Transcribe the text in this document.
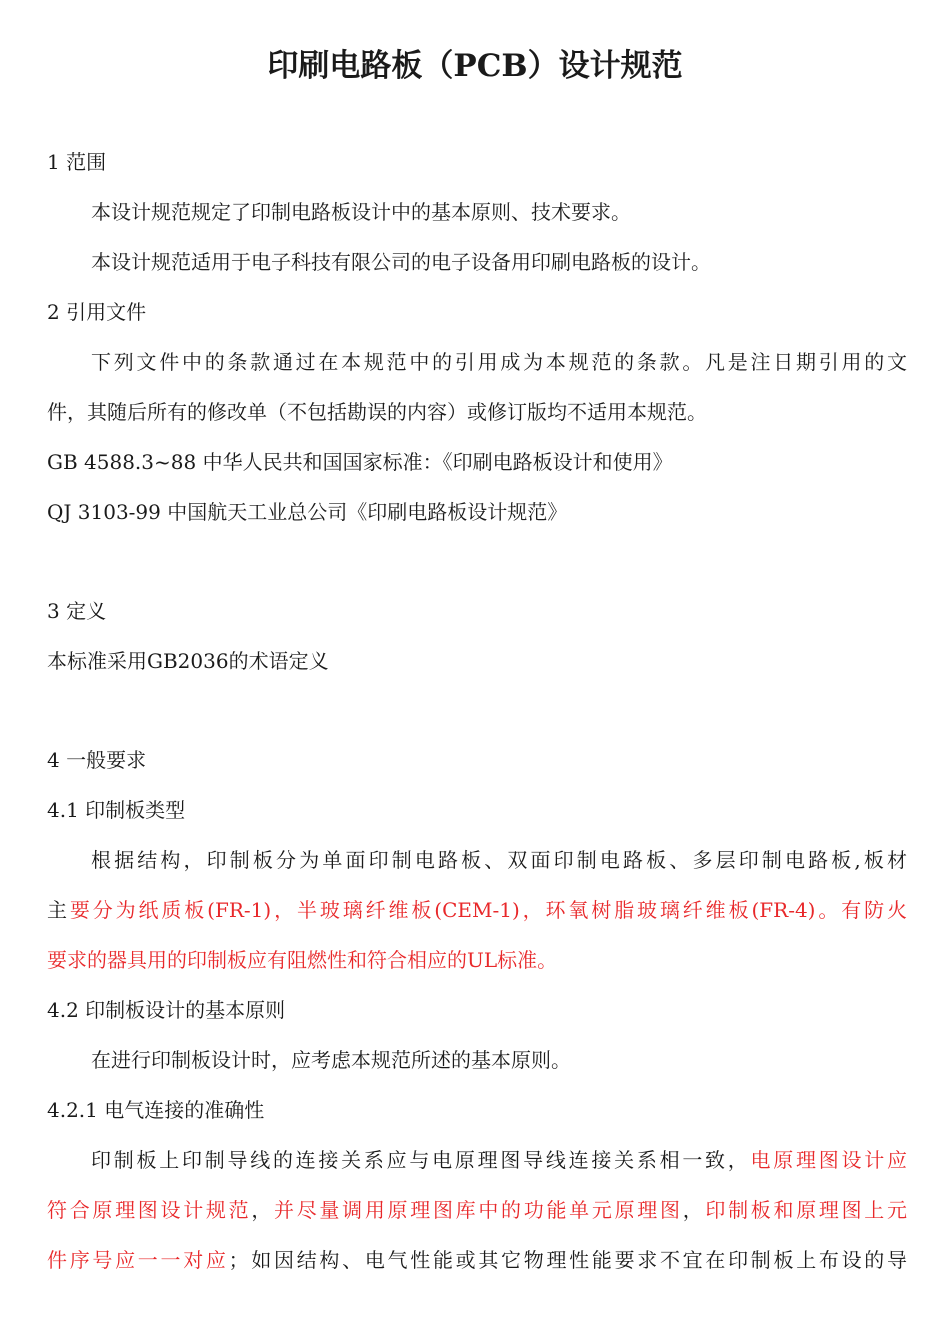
印刷电路板（PCB）设计规范
1 范围
本设计规范规定了印制电路板设计中的基本原则、技术要求。
本设计规范适用于电子科技有限公司的电子设备用印刷电路板的设计。
2 引用文件
下列文件中的条款通过在本规范中的引用成为本规范的条款。凡是注日期引用的文
件，其随后所有的修改单（不包括勘误的内容）或修订版均不适用本规范。
GB 4588.3~88 中华人民共和国国家标准：《印刷电路板设计和使用》
QJ 3103-99 中国航天工业总公司《印刷电路板设计规范》
3 定义
本标准采用GB2036的术语定义
4 一般要求
4.1 印制板类型
根据结构，印制板分为单面印制电路板、双面印制电路板、多层印制电路板,板材
主要分为纸质板(FR-1)，半玻璃纤维板(CEM-1)，环氧树脂玻璃纤维板(FR-4)。有防火
要求的器具用的印制板应有阻燃性和符合相应的UL标准。
4.2 印制板设计的基本原则
在进行印制板设计时，应考虑本规范所述的基本原则。
4.2.1 电气连接的准确性
印制板上印制导线的连接关系应与电原理图导线连接关系相一致，电原理图设计应
符合原理图设计规范，并尽量调用原理图库中的功能单元原理图，印制板和原理图上元
件序号应一一对应；如因结构、电气性能或其它物理性能要求不宜在印制板上布设的导
